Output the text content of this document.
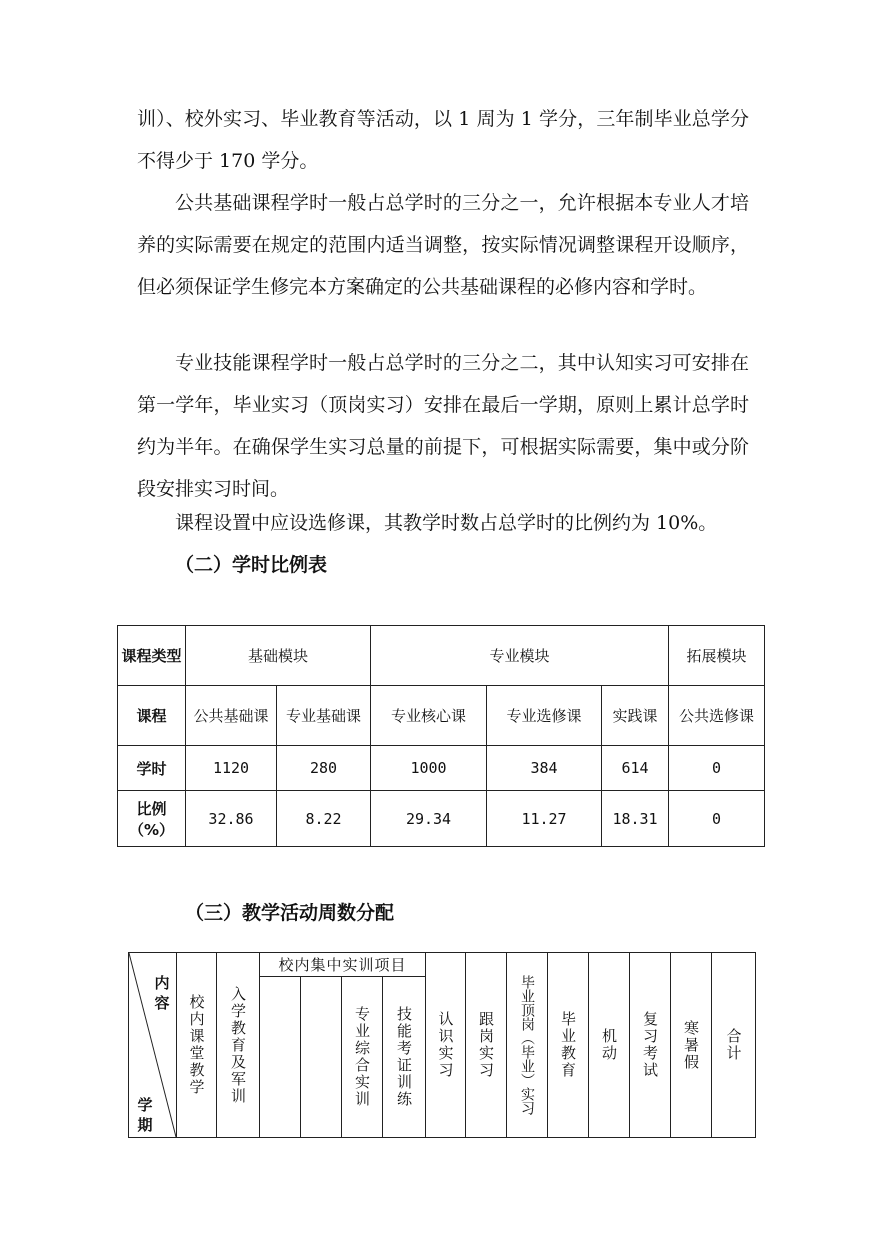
训）、校外实习、毕业教育等活动，以 1 周为 1 学分，三年制毕业总学分不得少于 170 学分。

公共基础课程学时一般占总学时的三分之一，允许根据本专业人才培养的实际需要在规定的范围内适当调整，按实际情况调整课程开设顺序，但必须保证学生修完本方案确定的公共基础课程的必修内容和学时。

专业技能课程学时一般占总学时的三分之二，其中认知实习可安排在第一学年，毕业实习（顶岗实习）安排在最后一学期，原则上累计总学时约为半年。在确保学生实习总量的前提下，可根据实际需要，集中或分阶段安排实习时间。

课程设置中应设选修课，其教学时数占总学时的比例约为 10%。

（二）学时比例表
课程类型	基础模块		专业模块			拓展模块
课程	公共基础课	专业基础课	专业核心课	专业选修课	实践课	公共选修课
学时	1120	280	1000	384	614	0
比例（%）	32.86	8.22	29.34	11.27	18.31	0
（三）教学活动周数分配
内容
学期	校内课堂教学	入学教育及军训	校内集中实训项目				认识实习	跟岗实习	毕业顶岗（毕业）实习	毕业教育	机动	复习考试	寒暑假	合计

					专业综合实训	技能考证训练								
